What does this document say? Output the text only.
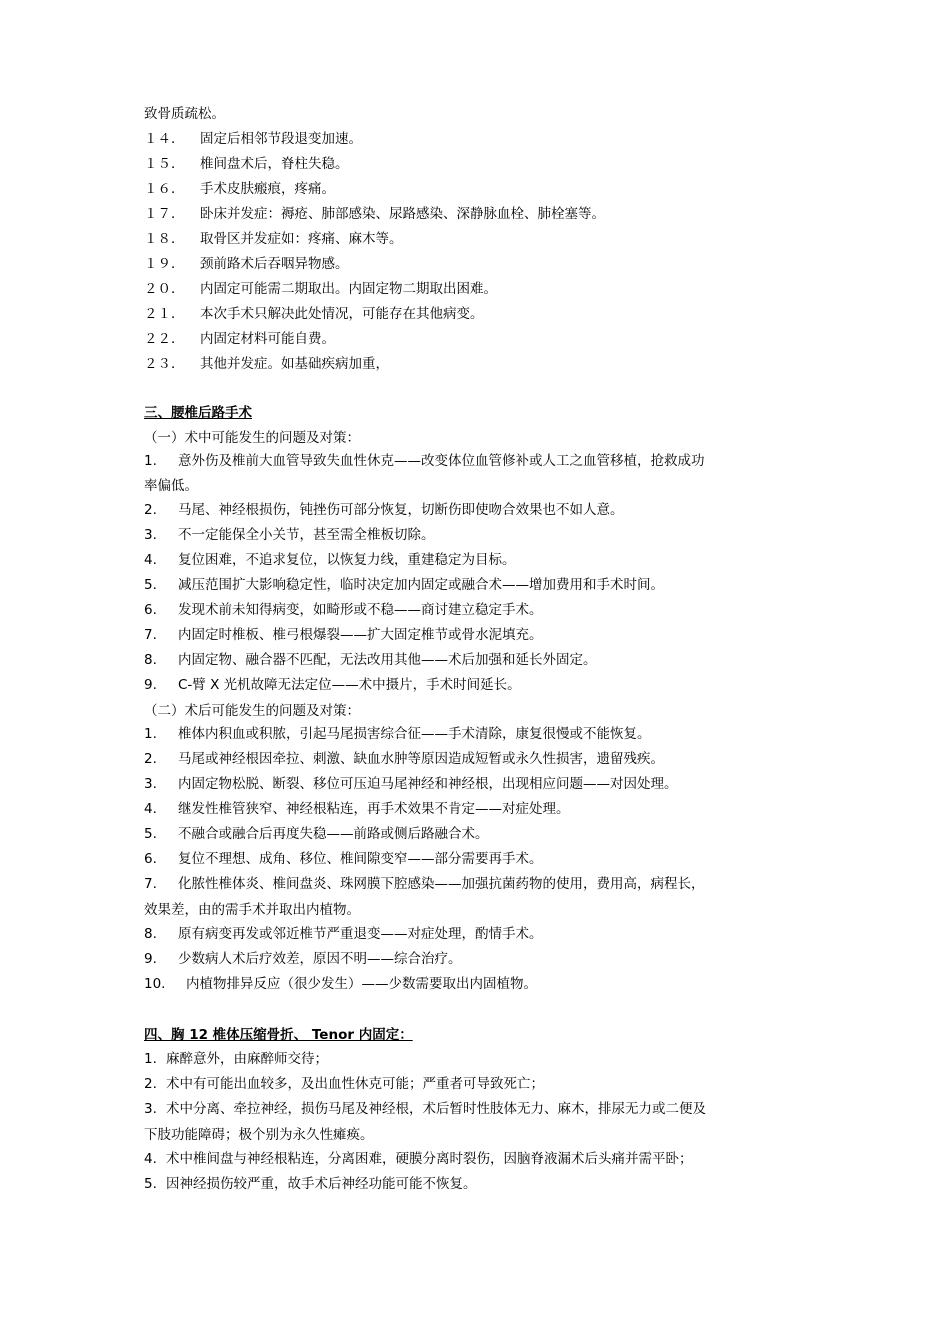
致骨质疏松。

１４． 固定后相邻节段退变加速。

１５． 椎间盘术后，脊柱失稳。

１６． 手术皮肤瘢痕，疼痛。

１７． 卧床并发症：褥疮、肺部感染、尿路感染、深静脉血栓、肺栓塞等。

１８． 取骨区并发症如：疼痛、麻木等。

１９． 颈前路术后吞咽异物感。

２０． 内固定可能需二期取出。内固定物二期取出困难。

２１． 本次手术只解决此处情况，可能存在其他病变。

２２． 内固定材料可能自费。

２３． 其他并发症。如基础疾病加重，

三、腰椎后路手术

（一）术中可能发生的问题及对策：

1. 意外伤及椎前大血管导致失血性休克——改变体位血管修补或人工之血管移植，抢救成功

率偏低。

2. 马尾、神经根损伤，钝挫伤可部分恢复，切断伤即使吻合效果也不如人意。

3. 不一定能保全小关节，甚至需全椎板切除。

4. 复位困难，不追求复位，以恢复力线，重建稳定为目标。

5. 减压范围扩大影响稳定性，临时决定加内固定或融合术——增加费用和手术时间。

6. 发现术前未知得病变，如畸形或不稳——商讨建立稳定手术。

7. 内固定时椎板、椎弓根爆裂——扩大固定椎节或骨水泥填充。

8. 内固定物、融合器不匹配，无法改用其他——术后加强和延长外固定。

9. C-臂 X 光机故障无法定位——术中摄片，手术时间延长。

（二）术后可能发生的问题及对策：

1. 椎体内积血或积脓，引起马尾损害综合征——手术清除，康复很慢或不能恢复。

2. 马尾或神经根因牵拉、刺激、缺血水肿等原因造成短暂或永久性损害，遗留残疾。

3. 内固定物松脱、断裂、移位可压迫马尾神经和神经根，出现相应问题——对因处理。

4. 继发性椎管狭窄、神经根粘连，再手术效果不肯定——对症处理。

5. 不融合或融合后再度失稳——前路或侧后路融合术。

6. 复位不理想、成角、移位、椎间隙变窄——部分需要再手术。

7. 化脓性椎体炎、椎间盘炎、珠网膜下腔感染——加强抗菌药物的使用，费用高，病程长，

效果差，由的需手术并取出内植物。

8. 原有病变再发或邻近椎节严重退变——对症处理，酌情手术。

9. 少数病人术后疗效差，原因不明——综合治疗。

10. 内植物排异反应（很少发生）——少数需要取出内固植物。

四、胸 12 椎体压缩骨折、 Tenor 内固定：

1. 麻醉意外，由麻醉师交待；

2. 术中有可能出血较多，及出血性休克可能；严重者可导致死亡；

3. 术中分离、牵拉神经，损伤马尾及神经根，术后暂时性肢体无力、麻木，排尿无力或二便及

下肢功能障碍；极个别为永久性瘫痪。

4. 术中椎间盘与神经根粘连，分离困难，硬膜分离时裂伤，因脑脊液漏术后头痛并需平卧；

5. 因神经损伤较严重，故手术后神经功能可能不恢复。
